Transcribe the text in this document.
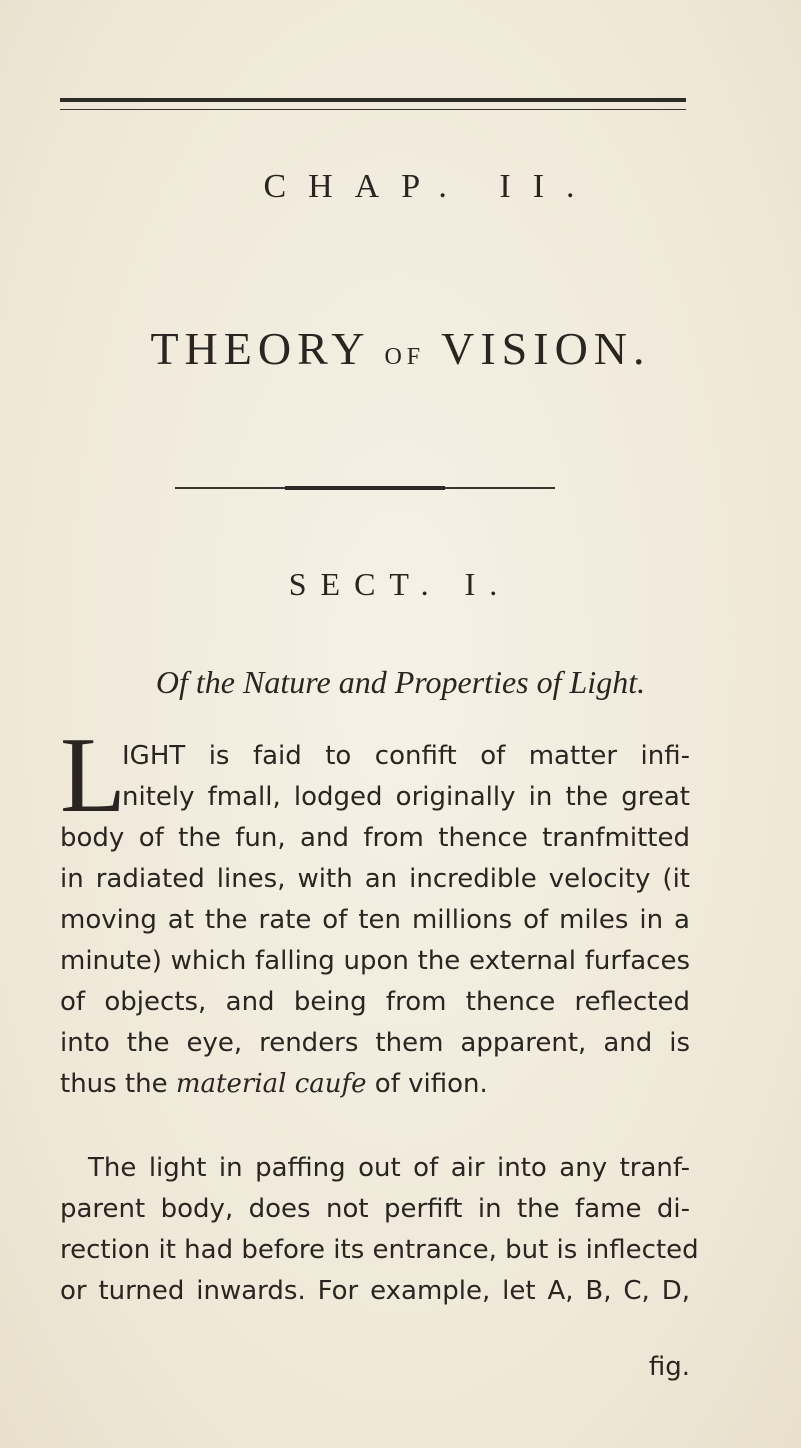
CHAP. II.
THEORY OF VISION.
SECT. I.
Of the Nature and Properties of Light.
L
IGHT is faid to confift of matter infi-
nitely fmall, lodged originally in the great
body of the fun, and from thence tranfmitted
in radiated lines, with an incredible velocity (it
moving at the rate of ten millions of miles in a
minute) which falling upon the external furfaces
of objects, and being from thence reflected
into the eye, renders them apparent, and is
thus the material caufe of vifion.
The light in paffing out of air into any tranf-
parent body, does not perfift in the fame di-
rection it had before its entrance, but is inflected
or turned inwards. For example, let A, B, C, D,
fig.
